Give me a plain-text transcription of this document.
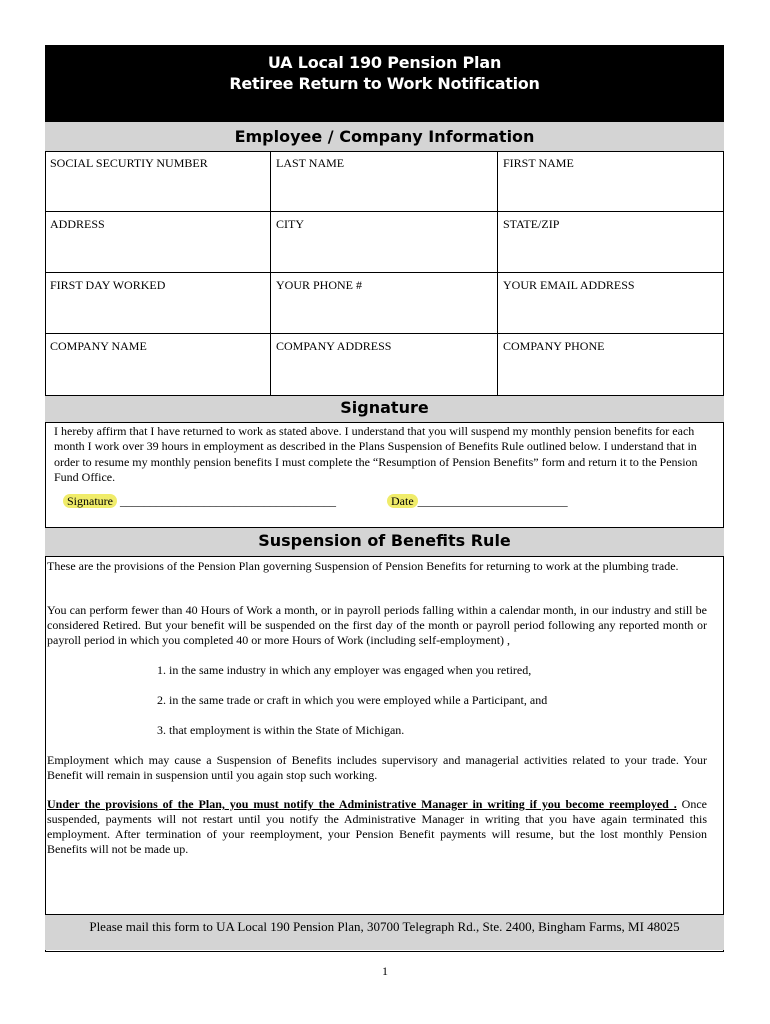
UA Local 190 Pension Plan
Retiree Return to Work Notification
Employee / Company Information
SOCIAL SECURTIY NUMBER	LAST NAME	FIRST NAME
ADDRESS	CITY	STATE/ZIP
FIRST DAY WORKED	YOUR PHONE #	YOUR EMAIL ADDRESS
COMPANY NAME	COMPANY ADDRESS	COMPANY PHONE
Signature
I hereby affirm that I have returned to work as stated above. I understand that you will suspend my monthly pension benefits for each month I work over 39 hours in employment as described in the Plans Suspension of Benefits Rule outlined below. I understand that in order to resume my monthly pension benefits I must complete the “Resumption of Pension Benefits” form and return it to the Pension Fund Office.
Signature ____________________________________	Date _________________________
Suspension of Benefits Rule
These are the provisions of the Pension Plan governing Suspension of Pension Benefits for returning to work at the plumbing trade.
You can perform fewer than 40 Hours of Work a month, or in payroll periods falling within a calendar month, in our industry and still be considered Retired. But your benefit will be suspended on the first day of the month or payroll period following any reported month or payroll period in which you completed 40 or more Hours of Work (including self-employment) ,
1. in the same industry in which any employer was engaged when you retired,
2. in the same trade or craft in which you were employed while a Participant, and
3. that employment is within the State of Michigan.
Employment which may cause a Suspension of Benefits includes supervisory and managerial activities related to your trade. Your Benefit will remain in suspension until you again stop such working.
Under the provisions of the Plan, you must notify the Administrative Manager in writing if you become reemployed . Once suspended, payments will not restart until you notify the Administrative Manager in writing that you have again terminated this employment. After termination of your reemployment, your Pension Benefit payments will resume, but the lost monthly Pension Benefits will not be made up.
Please mail this form to UA Local 190 Pension Plan, 30700 Telegraph Rd., Ste. 2400, Bingham Farms, MI 48025
1
